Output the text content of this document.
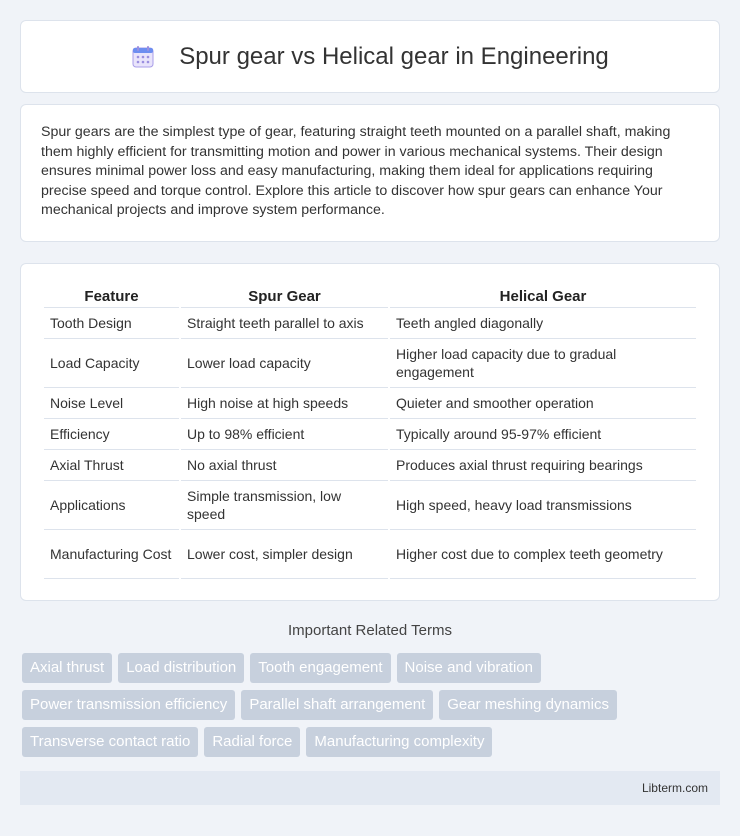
Spur gear vs Helical gear in Engineering

Spur gears are the simplest type of gear, featuring straight teeth mounted on a parallel shaft, making them highly efficient for transmitting motion and power in various mechanical systems. Their design ensures minimal power loss and easy manufacturing, making them ideal for applications requiring precise speed and torque control. Explore this article to discover how spur gears can enhance Your mechanical projects and improve system performance.

Feature	Spur Gear	Helical Gear
Tooth Design	Straight teeth parallel to axis	Teeth angled diagonally
Load Capacity	Lower load capacity	Higher load capacity due to gradual engagement
Noise Level	High noise at high speeds	Quieter and smoother operation
Efficiency	Up to 98% efficient	Typically around 95-97% efficient
Axial Thrust	No axial thrust	Produces axial thrust requiring bearings
Applications	Simple transmission, low speed	High speed, heavy load transmissions
Manufacturing Cost	Lower cost, simpler design	Higher cost due to complex teeth geometry
Important Related Terms
Axial thrust	Load distribution	Tooth engagement	Noise and vibration
Power transmission efficiency	Parallel shaft arrangement	Gear meshing dynamics
Transverse contact ratio	Radial force	Manufacturing complexity
Libterm.com
